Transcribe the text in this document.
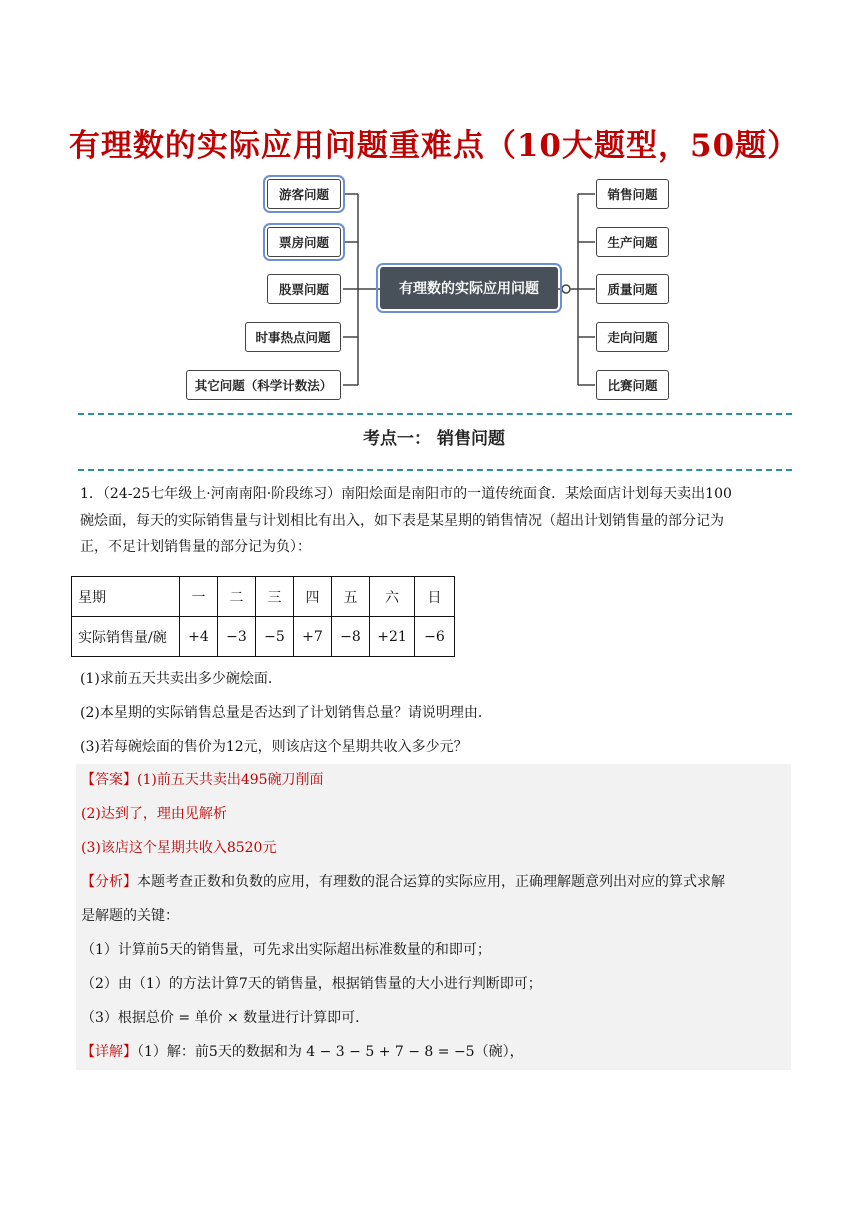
有理数的实际应用问题重难点（10大题型，50题）
游客问题
票房问题
股票问题
时事热点问题
其它问题（科学计数法）
有理数的实际应用问题
销售问题
生产问题
质量问题
走向问题
比赛问题
考点一： 销售问题
1．（24-25七年级上·河南南阳·阶段练习）南阳烩面是南阳市的一道传统面食．某烩面店计划每天卖出100
碗烩面，每天的实际销售量与计划相比有出入，如下表是某星期的销售情况（超出计划销售量的部分记为
正，不足计划销售量的部分记为负）：
星期	一	二	三	四	五	六	日
实际销售量/碗	+4	−3	−5	+7	−8	+21	−6
(1)求前五天共卖出多少碗烩面．
(2)本星期的实际销售总量是否达到了计划销售总量？请说明理由．
(3)若每碗烩面的售价为12元，则该店这个星期共收入多少元？

【答案】(1)前五天共卖出495碗刀削面

(2)达到了，理由见解析

(3)该店这个星期共收入8520元

【分析】本题考查正数和负数的应用，有理数的混合运算的实际应用，正确理解题意列出对应的算式求解

是解题的关键：

（1）计算前5天的销售量，可先求出实际超出标准数量的和即可；

（2）由（1）的方法计算7天的销售量，根据销售量的大小进行判断即可；

（3）根据总价 = 单价 × 数量进行计算即可．

【详解】（1）解：前5天的数据和为 4 − 3 − 5 + 7 − 8 = −5（碗），
